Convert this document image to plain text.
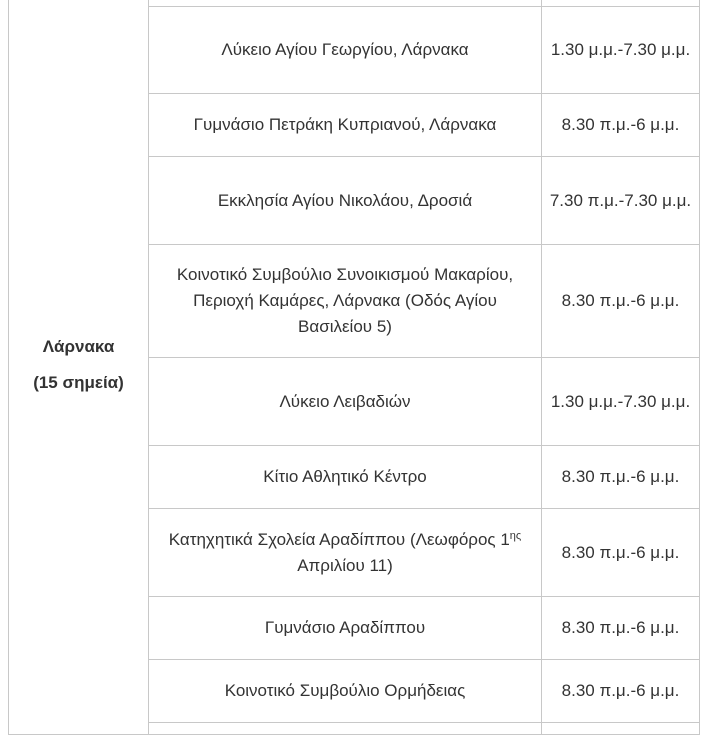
Λάρνακα
(15 σημεία)		

	Λύκειο Αγίου Γεωργίου, Λάρνακα	1.30 μ.μ.-7.30 μ.μ.
	Γυμνάσιο Πετράκη Κυπριανού, Λάρνακα	8.30 π.μ.-6 μ.μ.
	Εκκλησία Αγίου Νικολάου, Δροσιά	7.30 π.μ.-7.30 μ.μ.
	Κοινοτικό Συμβούλιο Συνοικισμού Μακαρίου, Περιοχή Καμάρες, Λάρνακα (Οδός Αγίου Βασιλείου 5)	8.30 π.μ.-6 μ.μ.
	Λύκειο Λειβαδιών	1.30 μ.μ.-7.30 μ.μ.
	Κίτιο Αθλητικό Κέντρο	8.30 π.μ.-6 μ.μ.
	Κατηχητικά Σχολεία Αραδίππου (Λεωφόρος $1^{\eta\varsigma}$ Απριλίου 11)	8.30 π.μ.-6 μ.μ.
	Γυμνάσιο Αραδίππου	8.30 π.μ.-6 μ.μ.
	Κοινοτικό Συμβούλιο Ορμήδειας	8.30 π.μ.-6 μ.μ.
